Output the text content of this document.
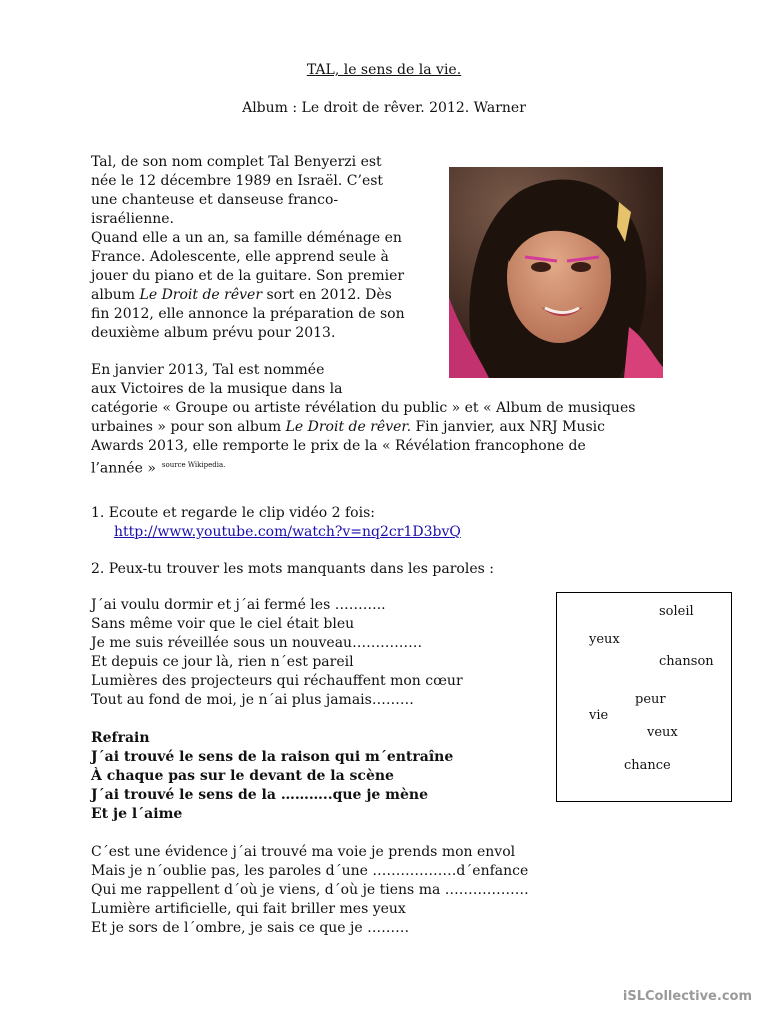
TAL, le sens de la vie.
Album : Le droit de rêver. 2012. Warner

Tal, de son nom complet Tal Benyerzi est

née le 12 décembre 1989 en Israël. C’est

une chanteuse et danseuse franco-

israélienne.

Quand elle a un an, sa famille déménage en

France. Adolescente, elle apprend seule à

jouer du piano et de la guitare. Son premier

album Le Droit de rêver sort en 2012. Dès

fin 2012, elle annonce la préparation de son

deuxième album prévu pour 2013.

En janvier 2013, Tal est nommée

aux Victoires de la musique dans la

catégorie « Groupe ou artiste révélation du public » et « Album de musiques

urbaines » pour son album Le Droit de rêver. Fin janvier, aux NRJ Music

Awards 2013, elle remporte le prix de la « Révélation francophone de

l’année » $^{source Wikipedia.}$

1. Ecoute et regarde le clip vidéo 2 fois:
http://www.youtube.com/watch?v=nq2cr1D3bvQ
2. Peux-tu trouver les mots manquants dans les paroles :
J´ai voulu dormir et j´ai fermé les ………..
Sans même voir que le ciel était bleu
Je me suis réveillée sous un nouveau……………
Et depuis ce jour là, rien n´est pareil
Lumières des projecteurs qui réchauffent mon cœur
Tout au fond de moi, je n´ai plus jamais………
Refrain
J´ai trouvé le sens de la raison qui m´entraîne
À chaque pas sur le devant de la scène
J´ai trouvé le sens de la ………..que je mène
Et je l´aime
C´est une évidence j´ai trouvé ma voie je prends mon envol
Mais je n´oublie pas, les paroles d´une ………………d´enfance
Qui me rappellent d´où je viens, d´où je tiens ma ………………
Lumière artificielle, qui fait briller mes yeux
Et je sors de l´ombre, je sais ce que je ………
soleil
yeux
chanson
peur
vie
veux
chance
iSLCollective.com
